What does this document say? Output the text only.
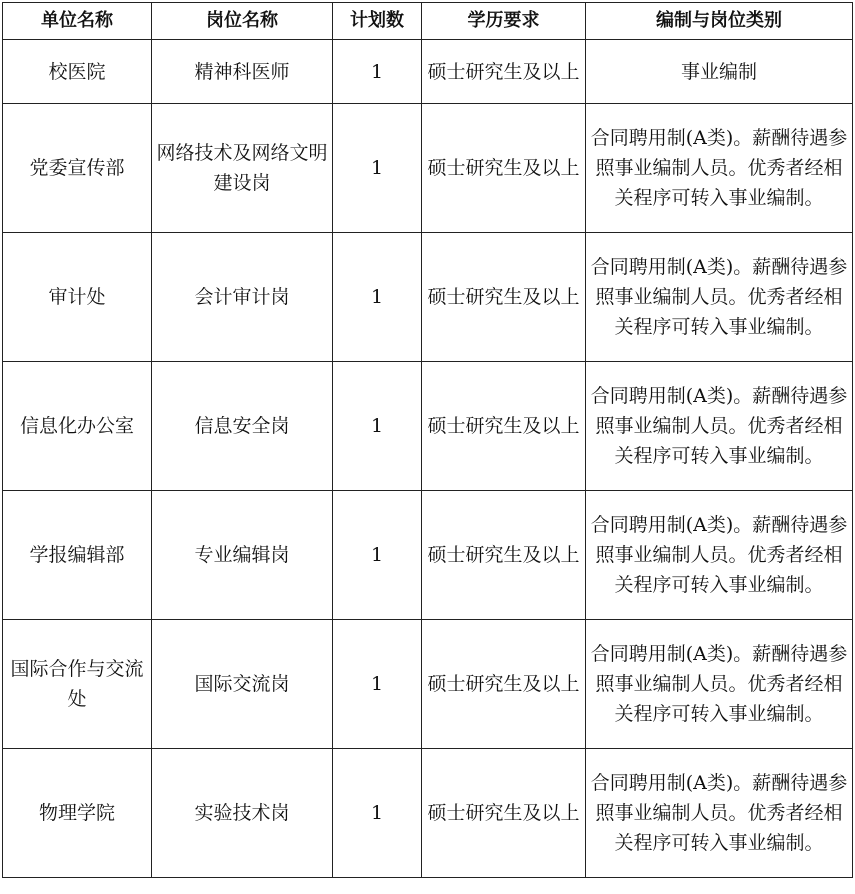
单位名称	岗位名称	计划数	学历要求	编制与岗位类别
校医院	精神科医师	1	硕士研究生及以上	事业编制
党委宣传部	网络技术及网络文明建设岗	1	硕士研究生及以上	合同聘用制(A类)。薪酬待遇参照事业编制人员。优秀者经相关程序可转入事业编制。
审计处	会计审计岗	1	硕士研究生及以上	合同聘用制(A类)。薪酬待遇参照事业编制人员。优秀者经相关程序可转入事业编制。
信息化办公室	信息安全岗	1	硕士研究生及以上	合同聘用制(A类)。薪酬待遇参照事业编制人员。优秀者经相关程序可转入事业编制。
学报编辑部	专业编辑岗	1	硕士研究生及以上	合同聘用制(A类)。薪酬待遇参照事业编制人员。优秀者经相关程序可转入事业编制。
国际合作与交流处	国际交流岗	1	硕士研究生及以上	合同聘用制(A类)。薪酬待遇参照事业编制人员。优秀者经相关程序可转入事业编制。
物理学院	实验技术岗	1	硕士研究生及以上	合同聘用制(A类)。薪酬待遇参照事业编制人员。优秀者经相关程序可转入事业编制。
